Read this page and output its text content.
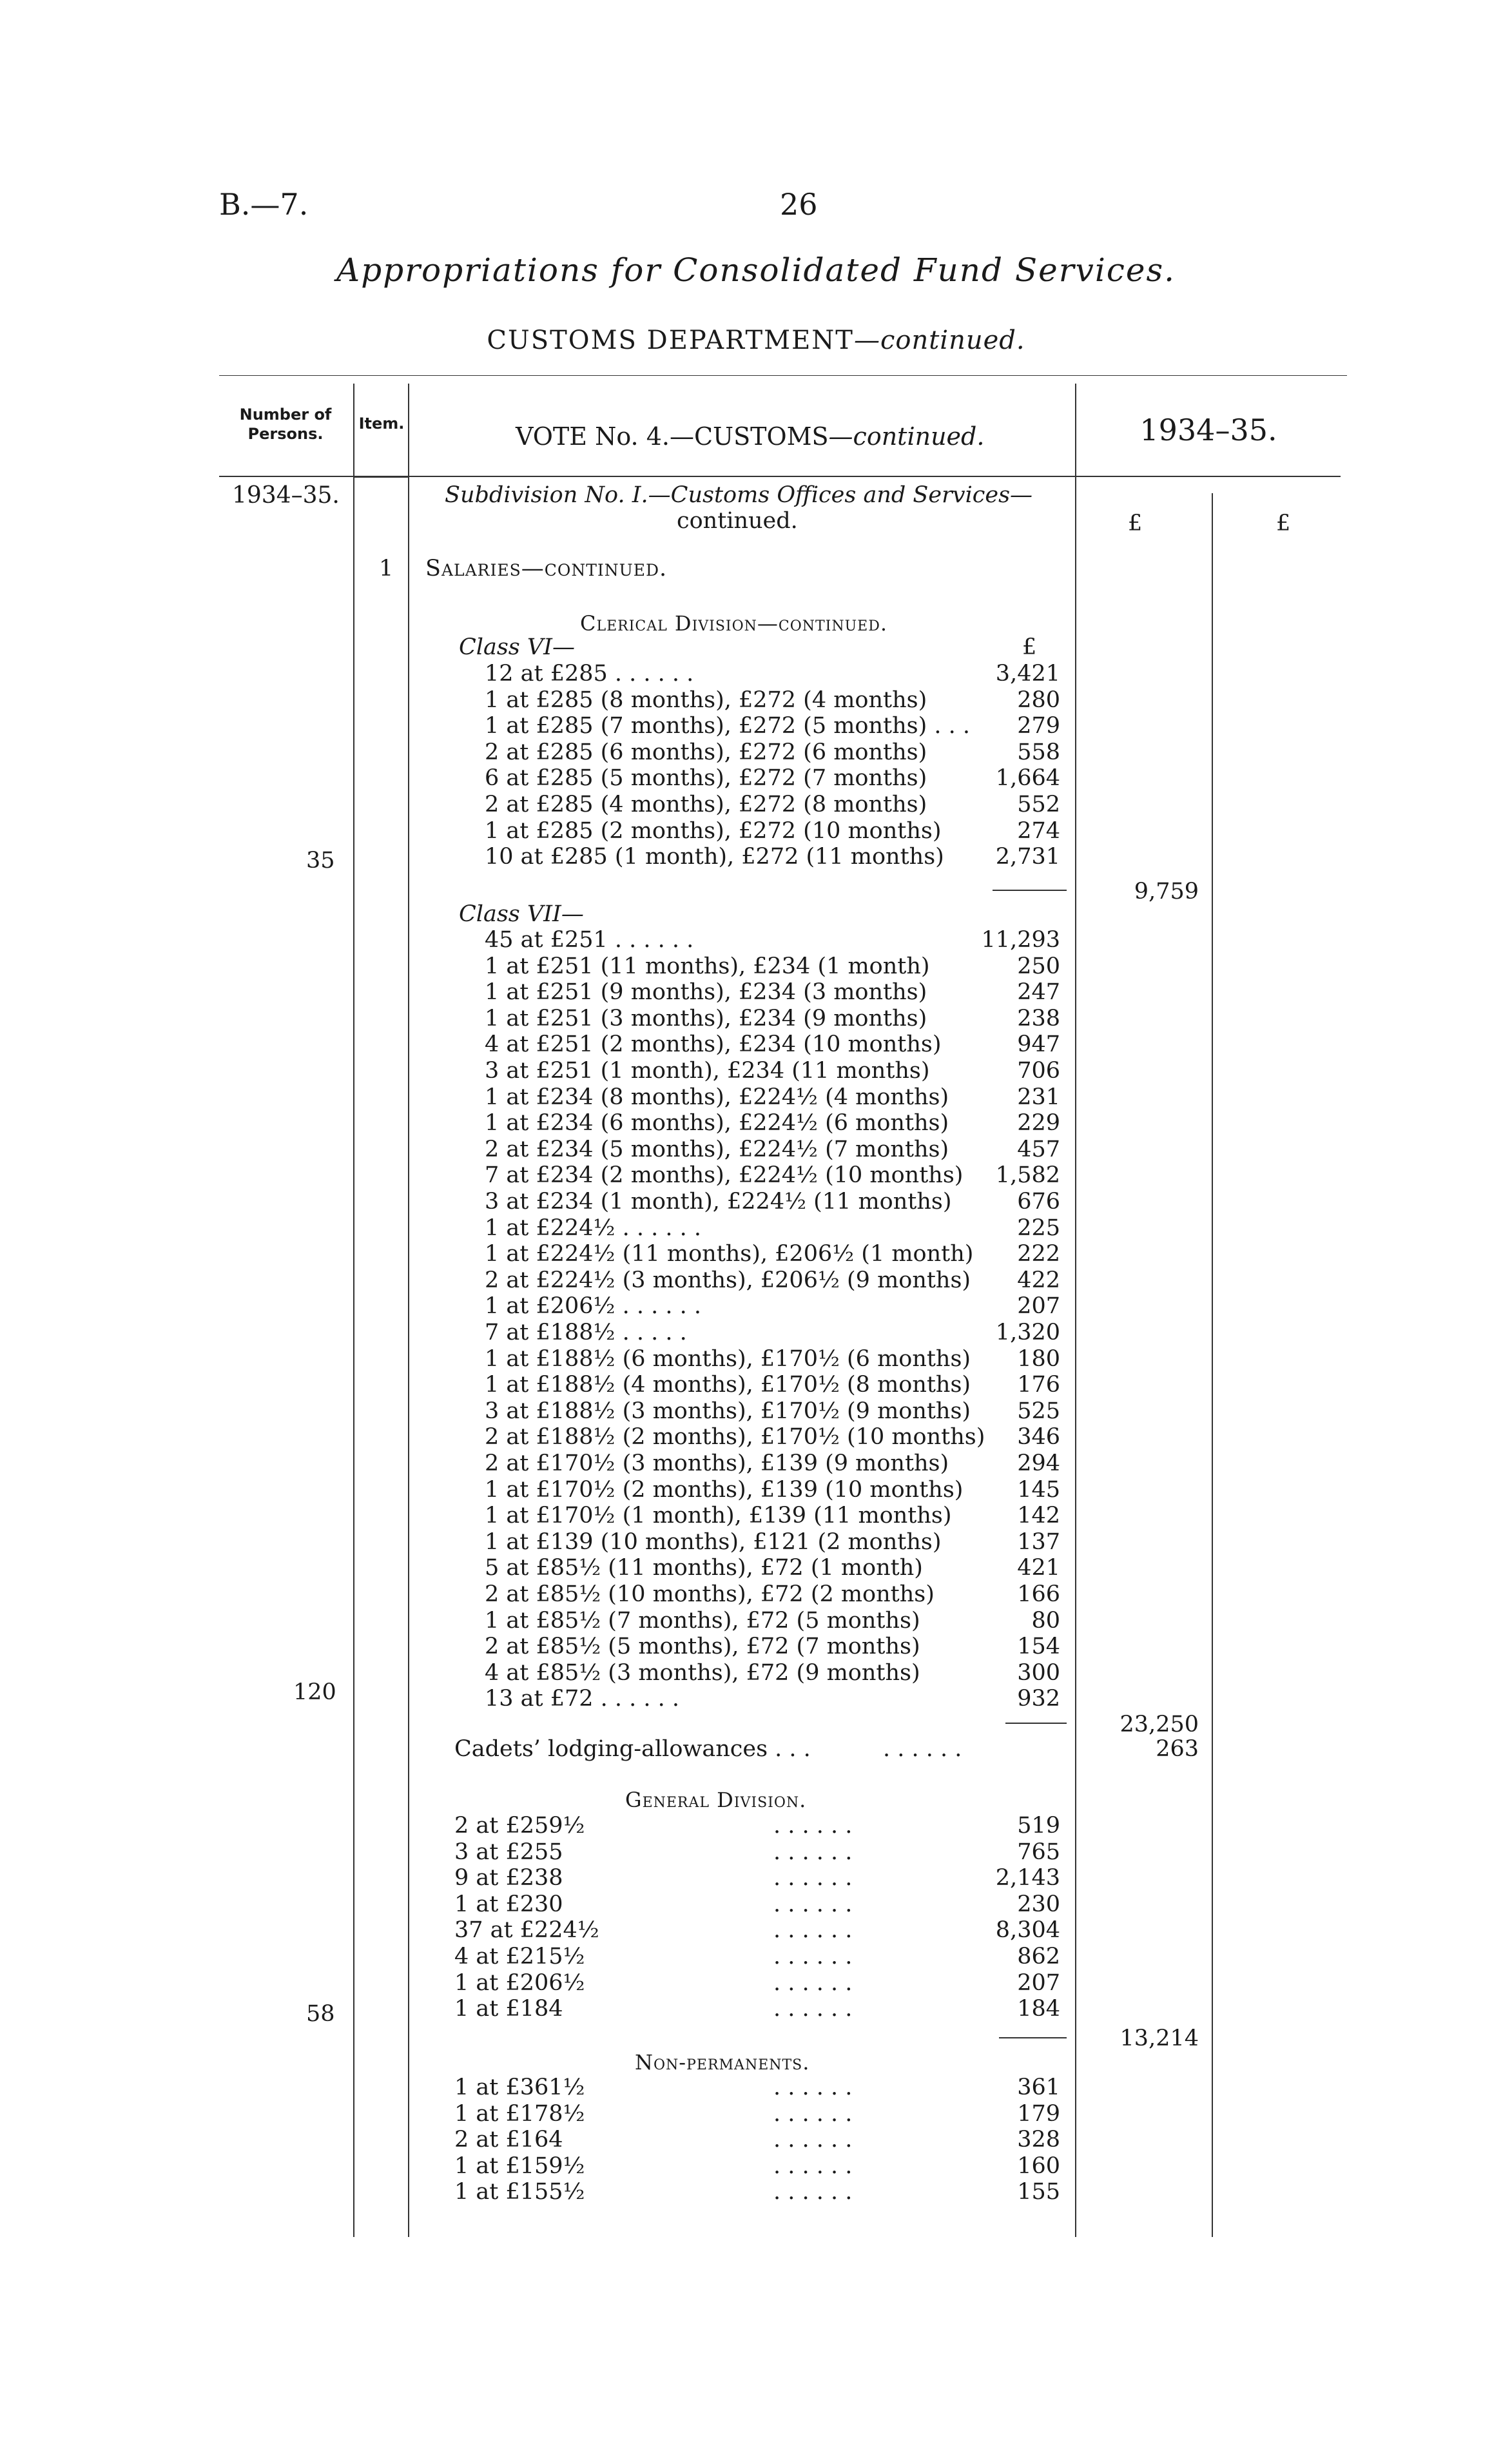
B.—7.	26
Appropriations for Consolidated Fund Services.
CUSTOMS DEPARTMENT—continued.
Number of Persons.
Item.	VOTE No. 4.—CUSTOMS—continued.	1934–35.
1934–35.
£	£
Subdivision No. I.—Customs Offices and Services—
continued.
1 Salaries—continued.
Clerical Division—continued.
Class VI—	£
12 at £285 . . . . . .	3,421
1 at £285 (8 months), £272 (4 months)	280
1 at £285 (7 months), £272 (5 months) . . .	279
2 at £285 (6 months), £272 (6 months)	558
6 at £285 (5 months), £272 (7 months)	1,664
2 at £285 (4 months), £272 (8 months)	552
1 at £285 (2 months), £272 (10 months)	274
10 at £285 (1 month), £272 (11 months)	2,731
35
9,759
Class VII—
45 at £251 . . . . . .	11,293
1 at £251 (11 months), £234 (1 month)	250
1 at £251 (9 months), £234 (3 months)	247
1 at £251 (3 months), £234 (9 months)	238
4 at £251 (2 months), £234 (10 months)	947
3 at £251 (1 month), £234 (11 months)	706
1 at £234 (8 months), £224½ (4 months)	231
1 at £234 (6 months), £224½ (6 months)	229
2 at £234 (5 months), £224½ (7 months)	457
7 at £234 (2 months), £224½ (10 months)	1,582
3 at £234 (1 month), £224½ (11 months)	676
1 at £224½ . . . . . .	225
1 at £224½ (11 months), £206½ (1 month)	222
2 at £224½ (3 months), £206½ (9 months)	422
1 at £206½ . . . . . .	207
7 at £188½ . . . . .	1,320
1 at £188½ (6 months), £170½ (6 months)	180
1 at £188½ (4 months), £170½ (8 months)	176
3 at £188½ (3 months), £170½ (9 months)	525
2 at £188½ (2 months), £170½ (10 months)	346
2 at £170½ (3 months), £139 (9 months)	294
1 at £170½ (2 months), £139 (10 months)	145
1 at £170½ (1 month), £139 (11 months)	142
1 at £139 (10 months), £121 (2 months)	137
5 at £85½ (11 months), £72 (1 month)	421
2 at £85½ (10 months), £72 (2 months)	166
1 at £85½ (7 months), £72 (5 months)	80
2 at £85½ (5 months), £72 (7 months)	154
4 at £85½ (3 months), £72 (9 months)	300
13 at £72 . . . . . .	932
120
23,250
Cadets’ lodging-allowances . . .	. . . . . .	263
General Division.
2 at £259½	. . . . . .	519
3 at £255	. . . . . .	765
9 at £238	. . . . . .	2,143
1 at £230	. . . . . .	230
37 at £224½	. . . . . .	8,304
4 at £215½	. . . . . .	862
1 at £206½	. . . . . .	207
1 at £184	. . . . . .	184
58
13,214
Non-permanents.
1 at £361½	. . . . . .	361
1 at £178½	. . . . . .	179
2 at £164	. . . . . .	328
1 at £159½	. . . . . .	160
1 at £155½	. . . . . .	155
